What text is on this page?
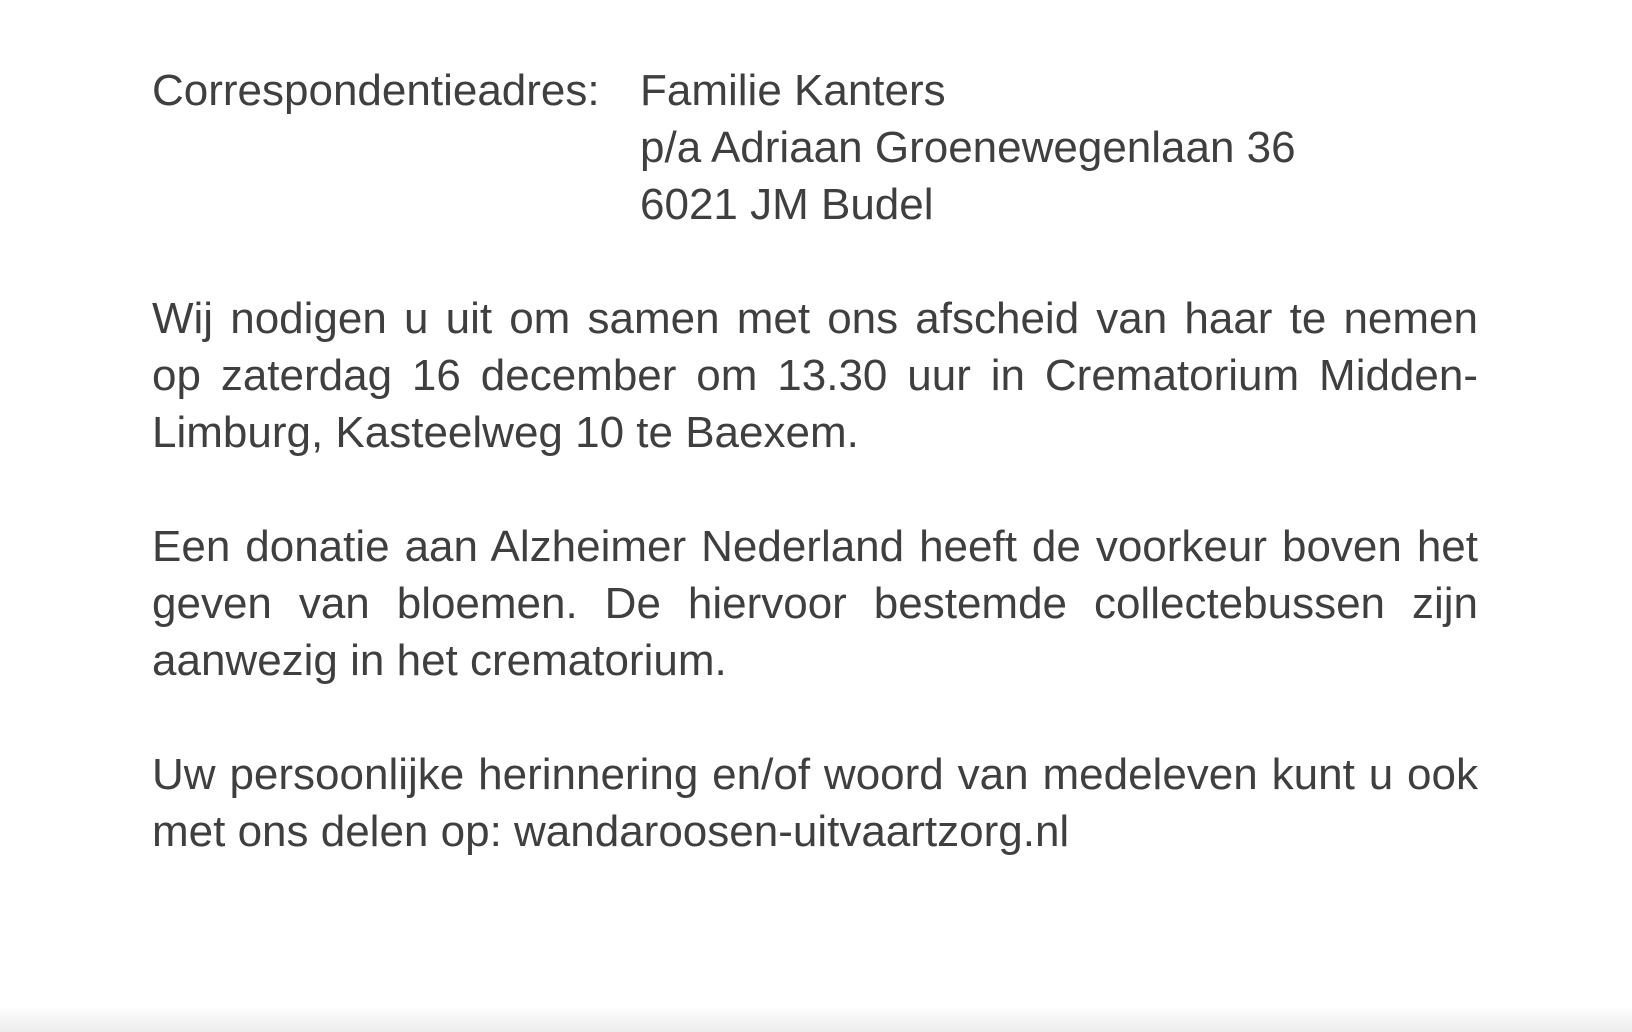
Correspondentieadres: Familie Kanters
p/a Adriaan Groenewegenlaan 36
6021 JM Budel

Wij nodigen u uit om samen met ons afscheid van haar te nemen op zaterdag 16 december om 13.30 uur in Crematorium Midden-Limburg, Kasteelweg 10 te Baexem.

Een donatie aan Alzheimer Nederland heeft de voorkeur boven het geven van bloemen. De hiervoor bestemde collectebussen zijn aanwezig in het crematorium.

Uw persoonlijke herinnering en/of woord van medeleven kunt u ook met ons delen op: wandaroosen-uitvaartzorg.nl
